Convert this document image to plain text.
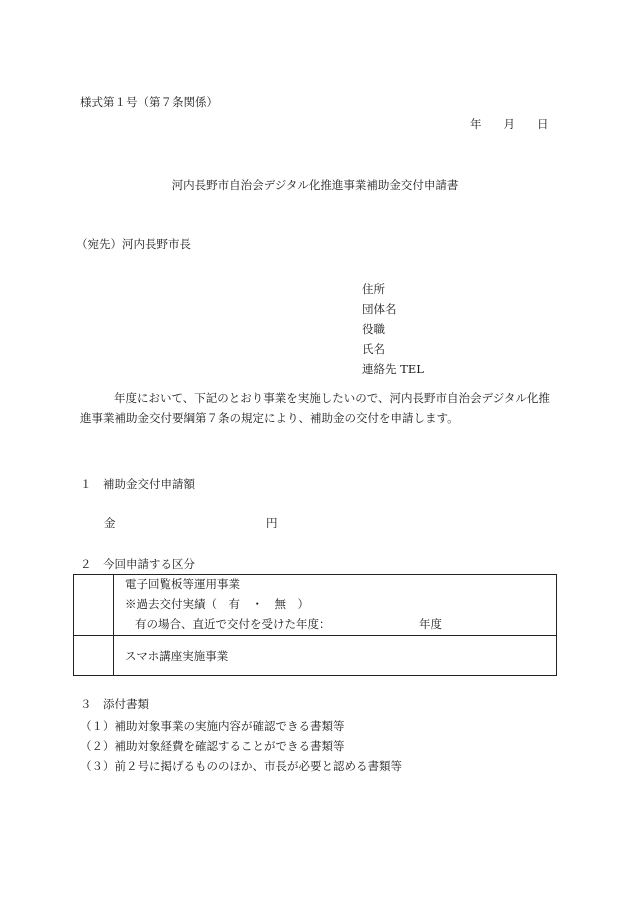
様式第１号（第７条関係）
年 月 日
河内長野市自治会デジタル化推進事業補助金交付申請書
（宛先）河内長野市長
住所
団体名
役職
氏名
連絡先 TEL
年度において、下記のとおり事業を実施したいので、河内長野市自治会デジタル化推進事業補助金交付要綱第７条の規定により、補助金の交付を申請します。
１　補助金交付申請額
金	円
２　今回申請する区分
電子回覧板等運用事業
※過去交付実績（　有　・　無　）
有の場合、直近で交付を受けた年度：	年度
スマホ講座実施事業
３　添付書類
（１）補助対象事業の実施内容が確認できる書類等
（２）補助対象経費を確認することができる書類等
（３）前２号に掲げるもののほか、市長が必要と認める書類等
